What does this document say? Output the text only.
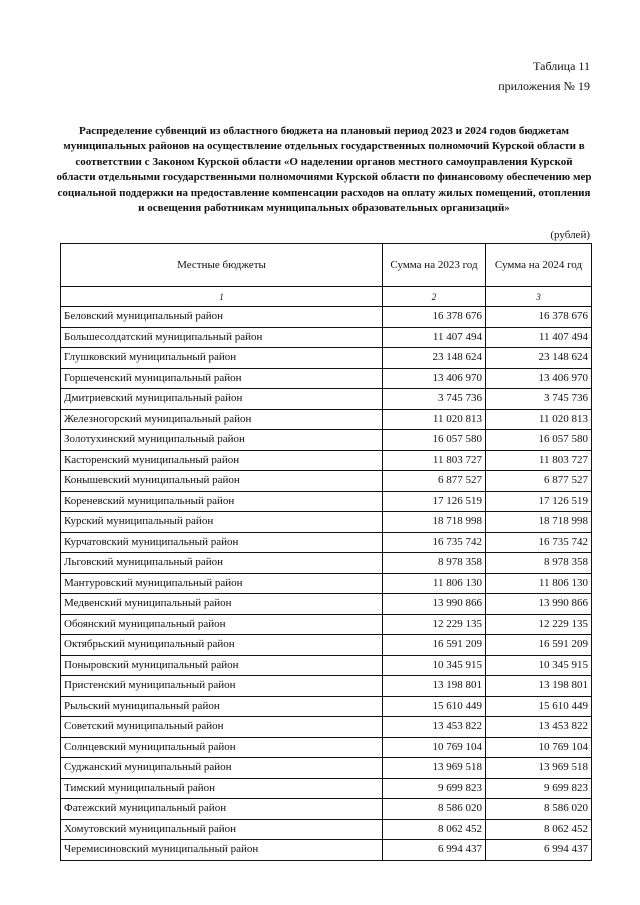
Таблица 11
приложения № 19
Распределение субвенций из областного бюджета на плановый период 2023 и 2024 годов бюджетам муниципальных районов на осуществление отдельных государственных полномочий Курской области в соответствии с Законом Курской области «О наделении органов местного самоуправления Курской области отдельными государственными полномочиями Курской области по финансовому обеспечению мер социальной поддержки на предоставление компенсации расходов на оплату жилых помещений, отопления и освещения работникам муниципальных образовательных организаций»
(рублей)
Местные бюджеты	Сумма на 2023 год	Сумма на 2024 год
1	2	3
Беловский муниципальный район	16 378 676	16 378 676
Большесолдатский муниципальный район	11 407 494	11 407 494
Глушковский муниципальный район	23 148 624	23 148 624
Горшеченский муниципальный район	13 406 970	13 406 970
Дмитриевский муниципальный район	3 745 736	3 745 736
Железногорский муниципальный район	11 020 813	11 020 813
Золотухинский муниципальный район	16 057 580	16 057 580
Касторенский муниципальный район	11 803 727	11 803 727
Конышевский муниципальный район	6 877 527	6 877 527
Кореневский муниципальный район	17 126 519	17 126 519
Курский муниципальный район	18 718 998	18 718 998
Курчатовский муниципальный район	16 735 742	16 735 742
Льговский муниципальный район	8 978 358	8 978 358
Мантуровский муниципальный район	11 806 130	11 806 130
Медвенский муниципальный район	13 990 866	13 990 866
Обоянский муниципальный район	12 229 135	12 229 135
Октябрьский муниципальный район	16 591 209	16 591 209
Поныровский муниципальный район	10 345 915	10 345 915
Пристенский муниципальный район	13 198 801	13 198 801
Рыльский муниципальный район	15 610 449	15 610 449
Советский муниципальный район	13 453 822	13 453 822
Солнцевский муниципальный район	10 769 104	10 769 104
Суджанский муниципальный район	13 969 518	13 969 518
Тимский муниципальный район	9 699 823	9 699 823
Фатежский муниципальный район	8 586 020	8 586 020
Хомутовский муниципальный район	8 062 452	8 062 452
Черемисиновский муниципальный район	6 994 437	6 994 437
